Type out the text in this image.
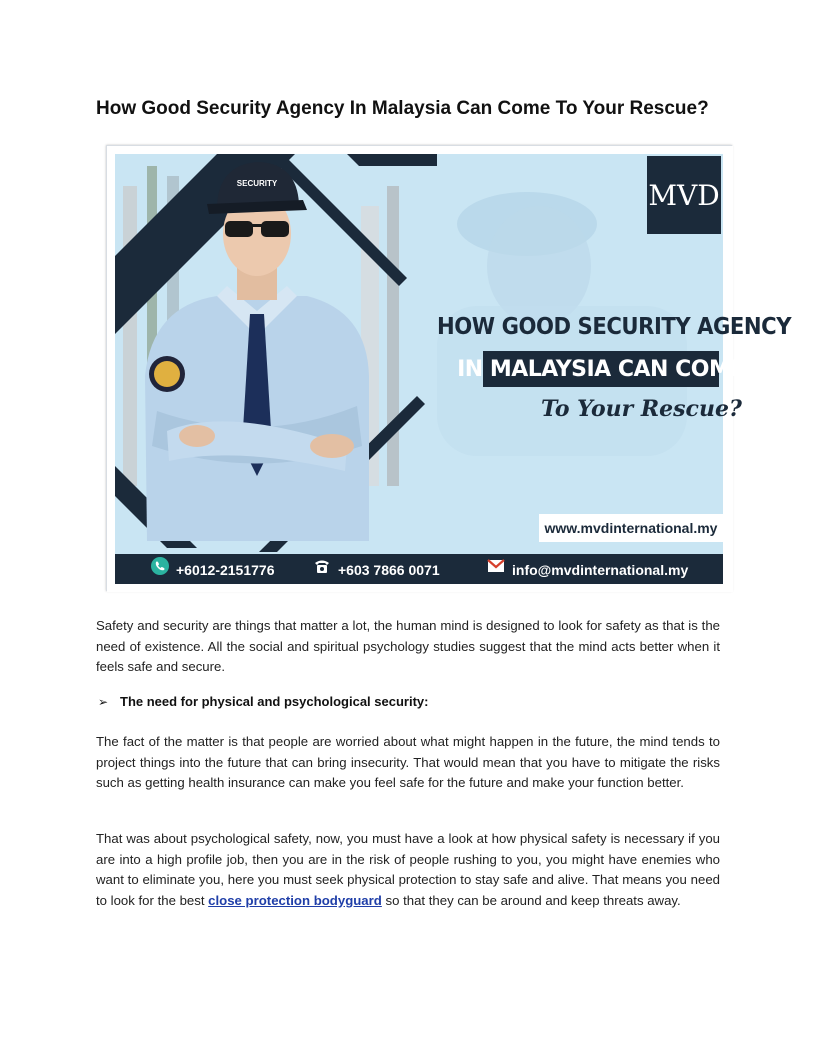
How Good Security Agency In Malaysia Can Come To Your Rescue?
SECURITY	MVD
HOW GOOD SECURITY AGENCY
IN MALAYSIA CAN COME
To Your Rescue?
www.mvdinternational.my
+6012-2151776	+603 7866 0071	info@mvdinternational.my

Safety and security are things that matter a lot, the human mind is designed to look for safety as that is the need of existence. All the social and spiritual psychology studies suggest that the mind acts better when it feels safe and secure.

➢ The need for physical and psychological security:

The fact of the matter is that people are worried about what might happen in the future, the mind tends to project things into the future that can bring insecurity. That would mean that you have to mitigate the risks such as getting health insurance can make you feel safe for the future and make your function better.

That was about psychological safety, now, you must have a look at how physical safety is necessary if you are into a high profile job, then you are in the risk of people rushing to you, you might have enemies who want to eliminate you, here you must seek physical protection to stay safe and alive. That means you need to look for the best close protection bodyguard so that they can be around and keep threats away.
